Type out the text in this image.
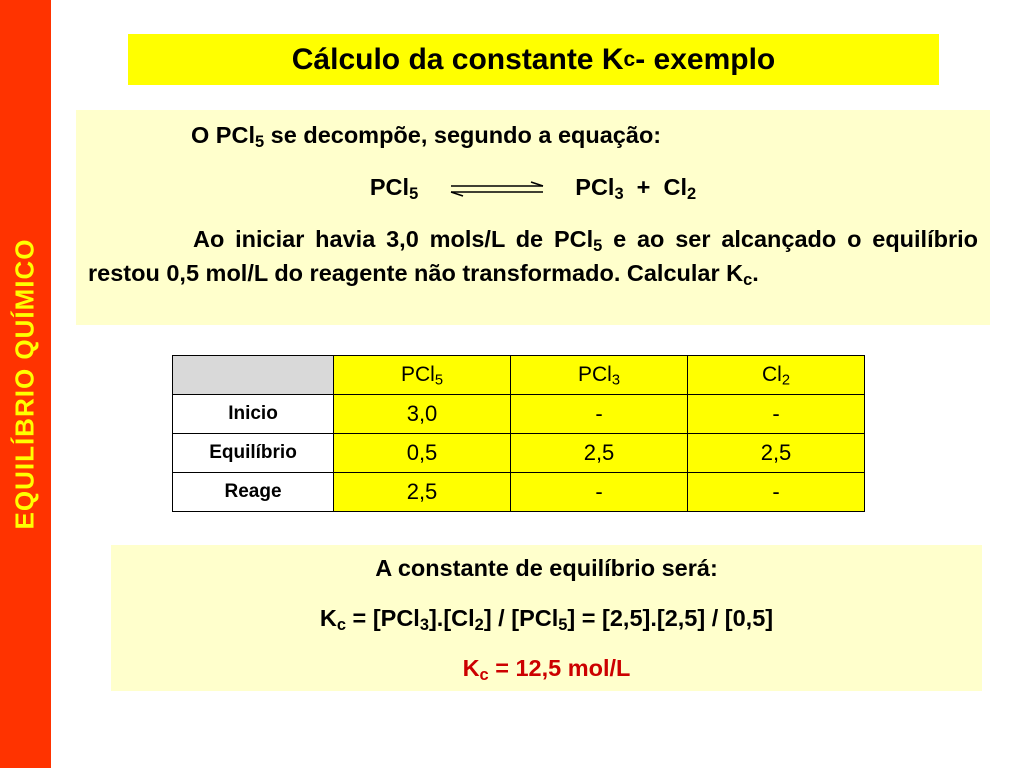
EQUILÍBRIO QUÍMICO
Cálculo da constante K c - exemplo
O PCl$_5$ se decompõe, segundo a equação:
PCl$_5$	$PCl_3 + Cl_2$
Ao iniciar havia 3,0 mols/L de PCl$_5$ e ao ser alcançado o equilíbrio restou 0,5 mol/L do reagente não transformado. Calcular $K_c$.
	PCl$_5$	PCl$_3$	$Cl_2$
Inicio	3,0	-	-
Equilíbrio	0,5	2,5	2,5
Reage	2,5	-	-
A constante de equilíbrio será:
$K_c = [PCl_3].[Cl_2] / [PCl_5] = [2,5].[2,5] / [0,5]$
$K_c = 12,5$ mol/L
